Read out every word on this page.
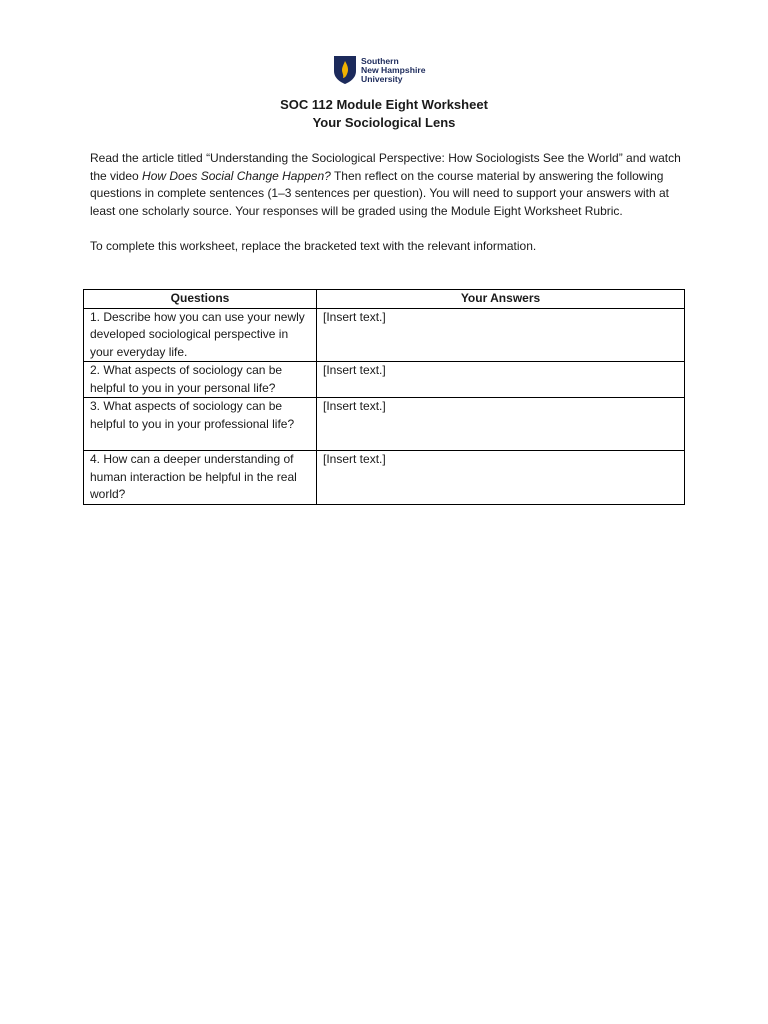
Southern
New Hampshire
University
SOC 112 Module Eight Worksheet
Your Sociological Lens

Read the article titled “Understanding the Sociological Perspective: How Sociologists See the World” and watch the video How Does Social Change Happen? Then reflect on the course material by answering the following questions in complete sentences (1–3 sentences per question). You will need to support your answers with at least one scholarly source. Your responses will be graded using the Module Eight Worksheet Rubric.

To complete this worksheet, replace the bracketed text with the relevant information.

Questions	Your Answers
1. Describe how you can use your newly developed sociological perspective in your everyday life.	[Insert text.]
2. What aspects of sociology can be helpful to you in your personal life?	[Insert text.]
3. What aspects of sociology can be helpful to you in your professional life?	[Insert text.]
4. How can a deeper understanding of human interaction be helpful in the real world?	[Insert text.]
